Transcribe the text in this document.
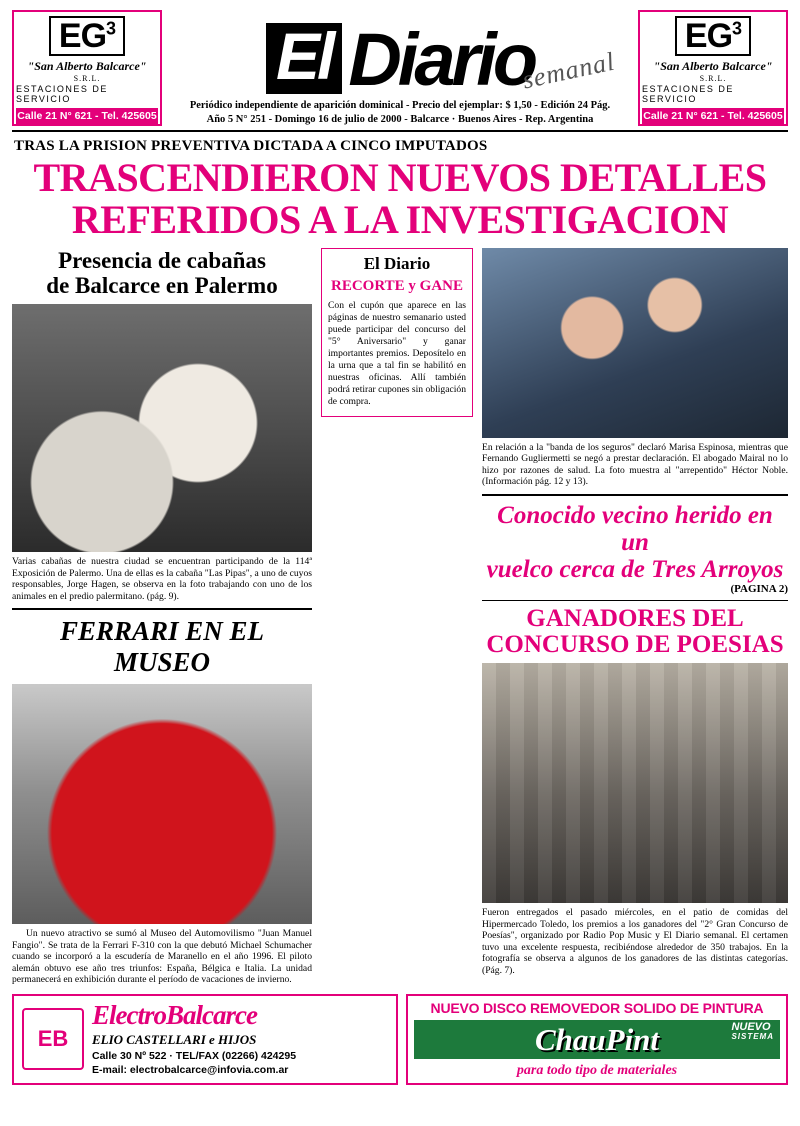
$EG^3$
"San Alberto Balcarce"
S.R.L.
ESTACIONES DE SERVICIO
Calle 21 N° 621 - Tel. 425605
El Diario
semanal
Periódico independiente de aparición dominical - Precio del ejemplar: $ 1,50 - Edición 24 Pág.
Año 5 N° 251 - Domingo 16 de julio de 2000 - Balcarce · Buenos Aires - Rep. Argentina
$EG^3$
"San Alberto Balcarce"
S.R.L.
ESTACIONES DE SERVICIO
Calle 21 N° 621 - Tel. 425605
TRAS LA PRISION PREVENTIVA DICTADA A CINCO IMPUTADOS
TRASCENDIERON NUEVOS DETALLES
REFERIDOS A LA INVESTIGACION
Presencia de cabañas
de Balcarce en Palermo
Varias cabañas de nuestra ciudad se encuentran participando de la 114ª Exposición de Palermo. Una de ellas es la cabaña "Las Pipas", a uno de cuyos responsables, Jorge Hagen, se observa en la foto trabajando con uno de los animales en el predio palermitano. (pág. 9).
FERRARI EN EL MUSEO
Un nuevo atractivo se sumó al Museo del Automovilismo "Juan Manuel Fangio". Se trata de la Ferrari F-310 con la que debutó Michael Schumacher cuando se incorporó a la escudería de Maranello en el año 1996. El piloto alemán obtuvo ese año tres triunfos: España, Bélgica e Italia. La unidad permanecerá en exhibición durante el período de vacaciones de invierno.
El Diario
RECORTE y GANE

Con el cupón que aparece en las páginas de nuestro semanario usted puede participar del concurso del "5° Aniversario" y ganar importantes premios. Deposítelo en la urna que a tal fin se habilitó en nuestras oficinas. Allí también podrá retirar cupones sin obligación de compra.

En relación a la "banda de los seguros" declaró Marisa Espinosa, mientras que Fernando Gugliermetti se negó a prestar declaración. El abogado Mairal no lo hizo por razones de salud. La foto muestra al "arrepentido" Héctor Noble. (Información pág. 12 y 13).
Conocido vecino herido en un
vuelco cerca de Tres Arroyos
(PAGINA 2)
GANADORES DEL CONCURSO DE POESIAS
Fueron entregados el pasado miércoles, en el patio de comidas del Hipermercado Toledo, los premios a los ganadores del "2° Gran Concurso de Poesías", organizado por Radio Pop Music y El Diario semanal. El certamen tuvo una excelente respuesta, recibiéndose alrededor de 350 trabajos. En la fotografía se observa a algunos de los ganadores de las distintas categorías. (Pág. 7).
EB
ElectroBalcarce
ELIO CASTELLARI e HIJOS
Calle 30 Nº 522 · TEL/FAX (02266) 424295
E-mail: electrobalcarce@infovia.com.ar
NUEVO DISCO REMOVEDOR SOLIDO DE PINTURA
ChauPint	NUEVO
SISTEMA
para todo tipo de materiales
